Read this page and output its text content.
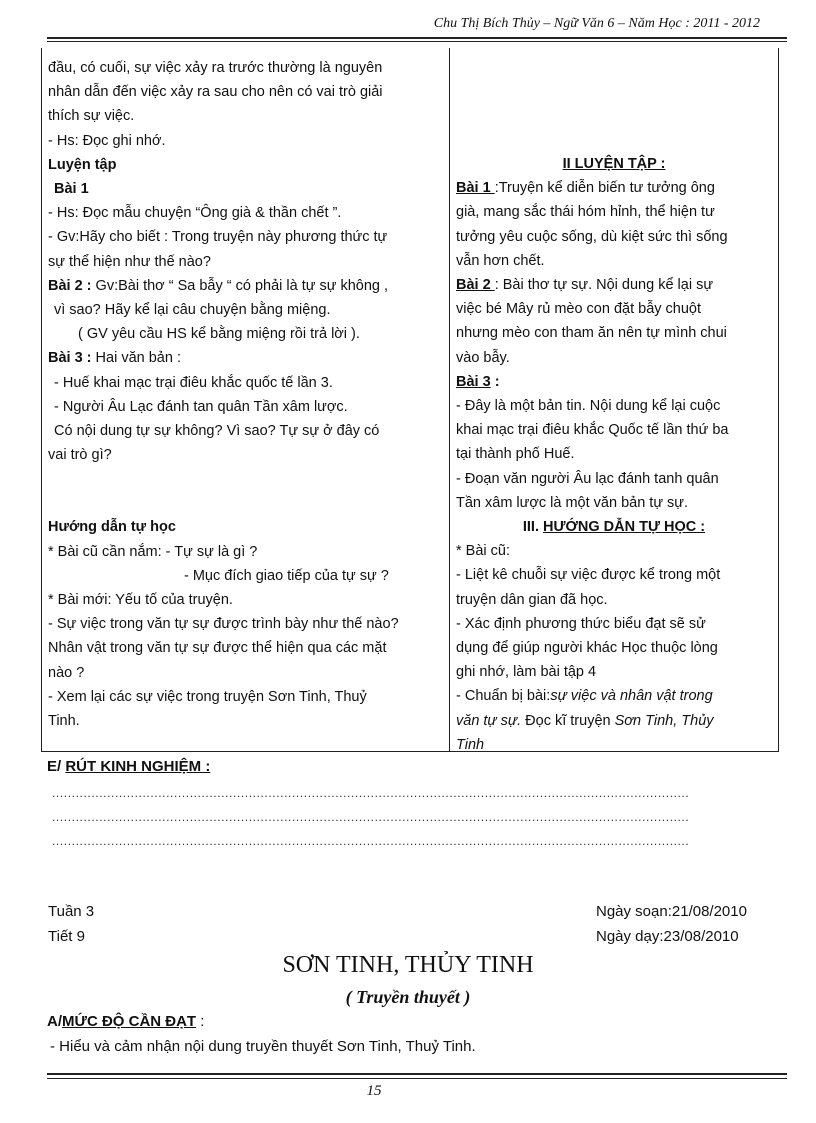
Chu Thị Bích Thủy – Ngữ Văn 6 – Năm Học : 2011 - 2012
đầu, có cuối, sự việc xảy ra trước thường là nguyên
nhân dẫn đến việc xảy ra sau cho nên có vai trò giải
thích sự việc.
- Hs: Đọc ghi nhớ.
Luyện tập
Bài 1
- Hs: Đọc mẫu chuyện “Ông già & thần chết ”.
- Gv:Hãy cho biết : Trong truyện này phương thức tự
sự thể hiện như thế nào?
Bài 2 : Gv:Bài thơ “ Sa bẫy “ có phải là tự sự không ,
vì sao? Hãy kể lại câu chuyện bằng miệng.
( GV yêu cầu HS kể bằng miệng rồi trả lời ).
Bài 3 : Hai văn bản :
- Huế khai mạc trại điêu khắc quốc tế lần 3.
- Người Âu Lạc đánh tan quân Tần xâm lược.
Có nội dung tự sự không? Vì sao? Tự sự ở đây có
vai trò gì?
Hướng dẫn tự học
* Bài cũ cần nắm: - Tự sự là gì ?
- Mục đích giao tiếp của tự sự ?
* Bài mới: Yếu tố của truyện.
- Sự việc trong văn tự sự được trình bày như thế nào?
Nhân vật trong văn tự sự được thể hiện qua các mặt
nào ?
- Xem lại các sự việc trong truyện Sơn Tinh, Thuỷ
Tinh.
II LUYỆN TẬP :
Bài 1 :Truyện kể diễn biến tư tưởng ông
già, mang sắc thái hóm hỉnh, thể hiện tư
tưởng yêu cuộc sống, dù kiệt sức thì sống
vẫn hơn chết.
Bài 2 : Bài thơ tự sự. Nội dung kể lại sự
việc bé Mây rủ mèo con đặt bẫy chuột
nhưng mèo con tham ăn nên tự mình chui
vào bẫy.
Bài 3 :
- Đây là một bản tin. Nội dung kể lại cuộc
khai mạc trại điêu khắc Quốc tế lần thứ ba
tại thành phố Huế.
- Đoạn văn người Âu lạc đánh tanh quân
Tần xâm lược là một văn bản tự sự.
III. HƯỚNG DẪN TỰ HỌC :
* Bài cũ:
- Liệt kê chuỗi sự việc được kể trong một
truyện dân gian đã học.
- Xác định phương thức biểu đạt sẽ sử
dụng để giúp người khác Học thuộc lòng
ghi nhớ, làm bài tập 4
- Chuẩn bị bài:sự việc và nhân vật trong
văn tự sự. Đọc kĩ truyện Sơn Tinh, Thủy
Tinh
E/ RÚT KINH NGHIỆM :
..................................................................................................................................................................
..................................................................................................................................................................
..................................................................................................................................................................
Tuần 3
Tiết 9
Ngày soạn:21/08/2010
Ngày dạy:23/08/2010
SƠN TINH, THỦY TINH
( Truyền thuyết )
A/MỨC ĐỘ CẦN ĐẠT :
- Hiểu và cảm nhận nội dung truyền thuyết Sơn Tinh, Thuỷ Tinh.
15
